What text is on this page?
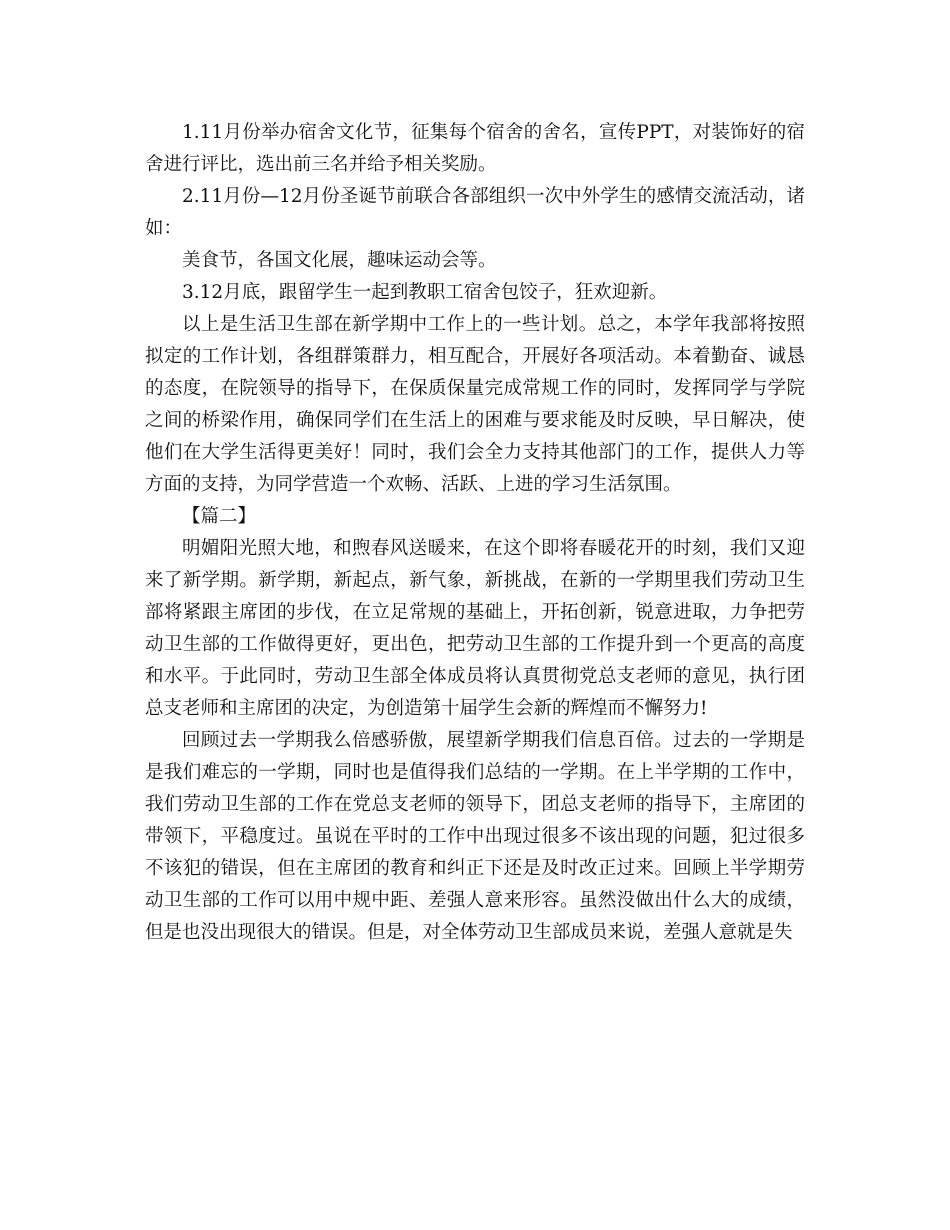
1.11月份举办宿舍文化节，征集每个宿舍的舍名，宣传PPT，对装饰好的宿舍进行评比，选出前三名并给予相关奖励。

2.11月份—12月份圣诞节前联合各部组织一次中外学生的感情交流活动，诸如：

美食节，各国文化展，趣味运动会等。

3.12月底，跟留学生一起到教职工宿舍包饺子，狂欢迎新。

以上是生活卫生部在新学期中工作上的一些计划。总之，本学年我部将按照拟定的工作计划，各组群策群力，相互配合，开展好各项活动。本着勤奋、诚恳的态度，在院领导的指导下，在保质保量完成常规工作的同时，发挥同学与学院之间的桥梁作用，确保同学们在生活上的困难与要求能及时反映，早日解决，使他们在大学生活得更美好！同时，我们会全力支持其他部门的工作，提供人力等方面的支持，为同学营造一个欢畅、活跃、上进的学习生活氛围。

【篇二】

明媚阳光照大地，和煦春风送暖来，在这个即将春暖花开的时刻，我们又迎来了新学期。新学期，新起点，新气象，新挑战，在新的一学期里我们劳动卫生部将紧跟主席团的步伐，在立足常规的基础上，开拓创新，锐意进取，力争把劳动卫生部的工作做得更好，更出色，把劳动卫生部的工作提升到一个更高的高度和水平。于此同时，劳动卫生部全体成员将认真贯彻党总支老师的意见，执行团总支老师和主席团的决定，为创造第十届学生会新的辉煌而不懈努力!

回顾过去一学期我么倍感骄傲，展望新学期我们信息百倍。过去的一学期是是我们难忘的一学期，同时也是值得我们总结的一学期。在上半学期的工作中，我们劳动卫生部的工作在党总支老师的领导下，团总支老师的指导下，主席团的带领下，平稳度过。虽说在平时的工作中出现过很多不该出现的问题，犯过很多不该犯的错误，但在主席团的教育和纠正下还是及时改正过来。回顾上半学期劳动卫生部的工作可以用中规中距、差强人意来形容。虽然没做出什么大的成绩，但是也没出现很大的错误。但是，对全体劳动卫生部成员来说，差强人意就是失
